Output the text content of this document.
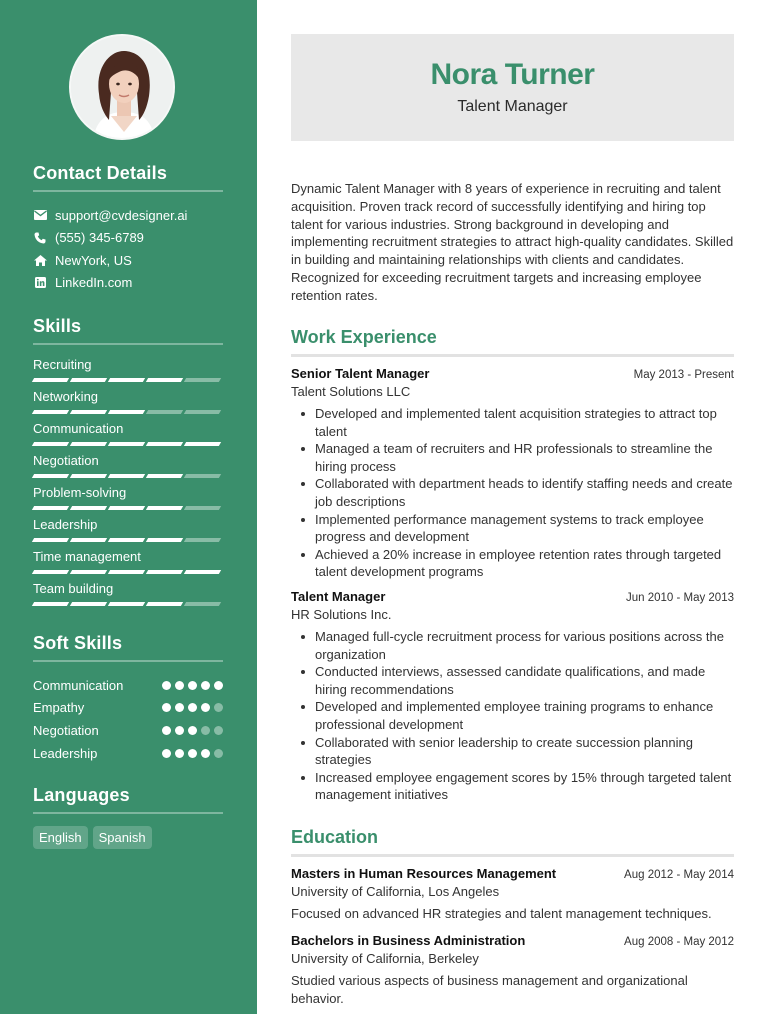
Contact Details
support@cvdesigner.ai
(555) 345-6789
NewYork, US
LinkedIn.com
Skills
Recruiting
Networking
Communication
Negotiation
Problem-solving
Leadership
Time management
Team building
Soft Skills
Communication
Empathy
Negotiation
Leadership
Languages
English	Spanish
Nora Turner
Talent Manager

Dynamic Talent Manager with 8 years of experience in recruiting and talent acquisition. Proven track record of successfully identifying and hiring top talent for various industries. Strong background in developing and implementing recruitment strategies to attract high-quality candidates. Skilled in building and maintaining relationships with clients and candidates. Recognized for exceeding recruitment targets and increasing employee retention rates.

Work Experience
Senior Talent Manager	May 2013 - Present
Talent Solutions LLC
Developed and implemented talent acquisition strategies to attract top talent
Managed a team of recruiters and HR professionals to streamline the hiring process
Collaborated with department heads to identify staffing needs and create job descriptions
Implemented performance management systems to track employee progress and development
Achieved a 20% increase in employee retention rates through targeted talent development programs
Talent Manager	Jun 2010 - May 2013
HR Solutions Inc.
Managed full-cycle recruitment process for various positions across the organization
Conducted interviews, assessed candidate qualifications, and made hiring recommendations
Developed and implemented employee training programs to enhance professional development
Collaborated with senior leadership to create succession planning strategies
Increased employee engagement scores by 15% through targeted talent management initiatives
Education
Masters in Human Resources Management	Aug 2012 - May 2014
University of California, Los Angeles
Focused on advanced HR strategies and talent management techniques.
Bachelors in Business Administration	Aug 2008 - May 2012
University of California, Berkeley
Studied various aspects of business management and organizational behavior.
